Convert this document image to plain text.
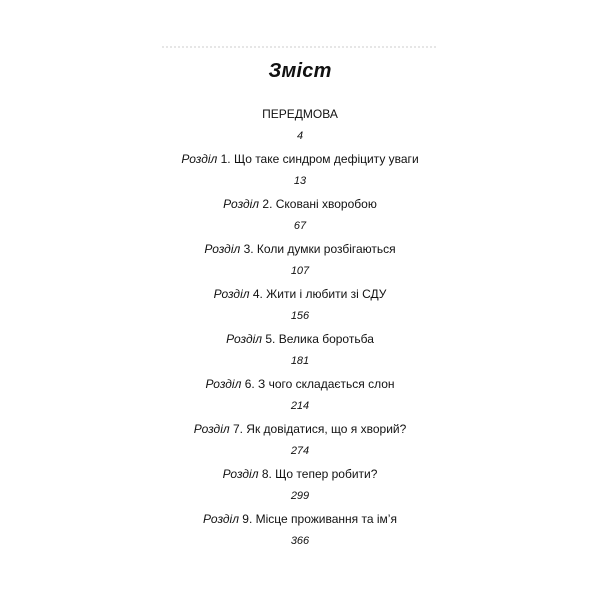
Зміст
ПЕРЕДМОВА
4
Розділ 1. Що таке синдром дефіциту уваги
13
Розділ 2. Сковані хворобою
67
Розділ 3. Коли думки розбігаються
107
Розділ 4. Жити і любити зі СДУ
156
Розділ 5. Велика боротьба
181
Розділ 6. З чого складається слон
214
Розділ 7. Як довідатися, що я хворий?
274
Розділ 8. Що тепер робити?
299
Розділ 9. Місце проживання та ім’я
366
